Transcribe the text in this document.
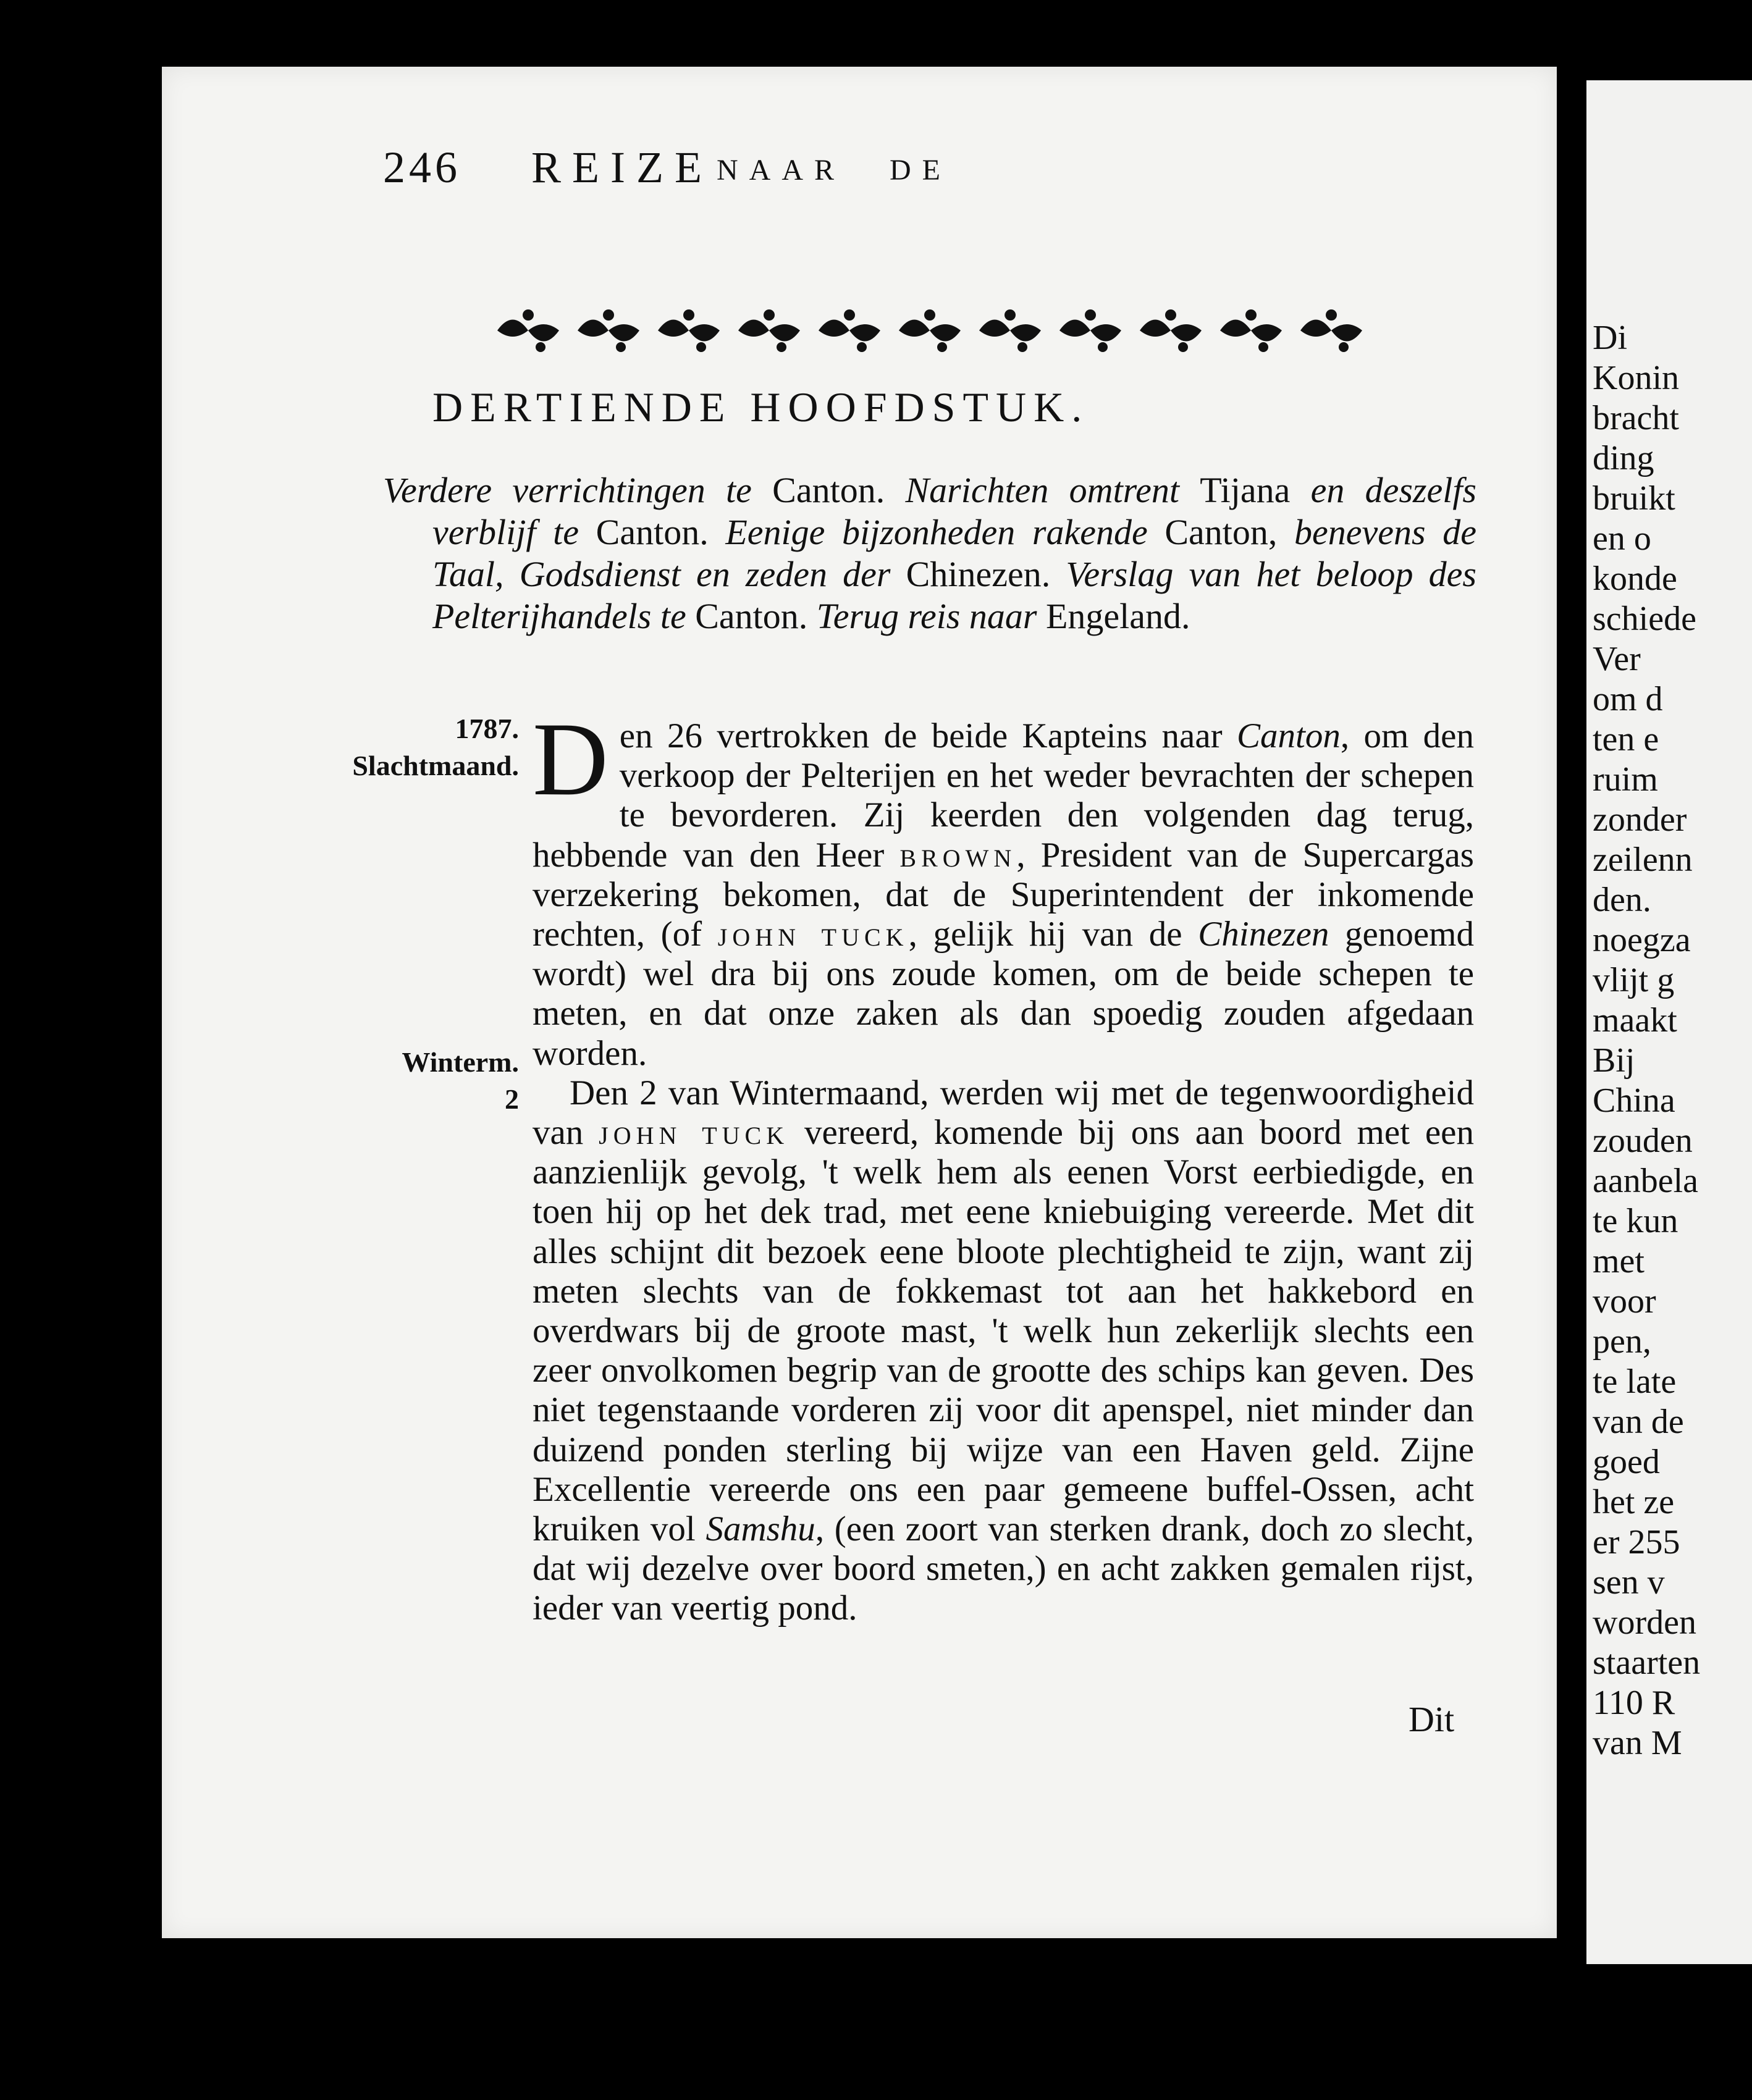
Di
Konin
bracht
ding
bruikt
en o
konde
schiede
Ver
om d
ten e
ruim
zonder
zeilenn
den.
noegza
vlijt g
maakt
Bij
China
zouden
aanbela
te kun
met
voor
pen,
te late
van de
goed
het ze
er 255
sen v
worden
staarten
110 R
van M
246 REIZE NAAR DE
DERTIENDE HOOFDSTUK.
Verdere verrichtingen te Canton. Narichten omtrent Tijana en deszelfs verblijf te Canton. Eenige bijzonheden rakende Canton, benevens de Taal, Godsdienst en zeden der Chinezen. Verslag van het beloop des Pelterijhandels te Canton. Terug reis naar Engeland.
1787.
Slachtmaand.
Winterm.
2

D en 26 vertrokken de beide Kapteins naar Canton, om den verkoop der Pelterijen en het weder bevrachten der schepen te bevorderen. Zij keerden den volgenden dag terug, hebbende van den Heer brown, President van de Supercargas verzekering bekomen, dat de Superintendent der inkomende rechten, (of john tuck, gelijk hij van de Chinezen genoemd wordt) wel dra bij ons zoude komen, om de beide schepen te meten, en dat onze zaken als dan spoedig zouden afgedaan worden.

Den 2 van Wintermaand, werden wij met de tegenwoordigheid van john tuck vereerd, komende bij ons aan boord met een aanzienlijk gevolg, 't welk hem als eenen Vorst eerbiedigde, en toen hij op het dek trad, met eene kniebuiging vereerde. Met dit alles schijnt dit bezoek eene bloote plechtigheid te zijn, want zij meten slechts van de fokkemast tot aan het hakkebord en overdwars bij de groote mast, 't welk hun zekerlijk slechts een zeer onvolkomen begrip van de grootte des schips kan geven. Des niet tegenstaande vorderen zij voor dit apenspel, niet minder dan duizend ponden sterling bij wijze van een Haven geld. Zijne Excellentie vereerde ons een paar gemeene buffel-Ossen, acht kruiken vol Samshu, (een zoort van sterken drank, doch zo slecht, dat wij dezelve over boord smeten,) en acht zakken gemalen rijst, ieder van veertig pond.

Dit
